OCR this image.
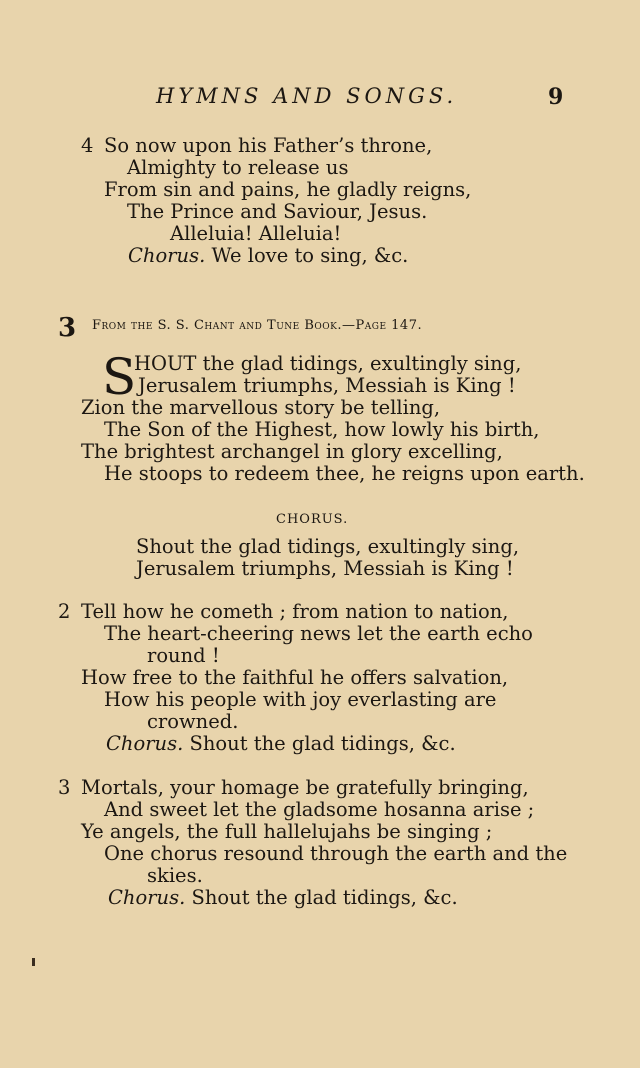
HYMNS AND SONGS.	9
4 So now upon his Father’s throne,
Almighty to release us
From sin and pains, he gladly reigns,
The Prince and Saviour, Jesus.
Alleluia! Alleluia!
Chorus. We love to sing, &c.
3 From the S. S. Chant and Tune Book.—Page 147.
S
HOUT the glad tidings, exultingly sing,
Jerusalem triumphs, Messiah is King !
Zion the marvellous story be telling,
The Son of the Highest, how lowly his birth,
The brightest archangel in glory excelling,
He stoops to redeem thee, he reigns upon earth.
CHORUS.
Shout the glad tidings, exultingly sing,
Jerusalem triumphs, Messiah is King !
2 Tell how he cometh ; from nation to nation,
The heart-cheering news let the earth echo
round !
How free to the faithful he offers salvation,
How his people with joy everlasting are
crowned.
Chorus. Shout the glad tidings, &c.
3 Mortals, your homage be gratefully bringing,
And sweet let the gladsome hosanna arise ;
Ye angels, the full hallelujahs be singing ;
One chorus resound through the earth and the
skies.
Chorus. Shout the glad tidings, &c.
